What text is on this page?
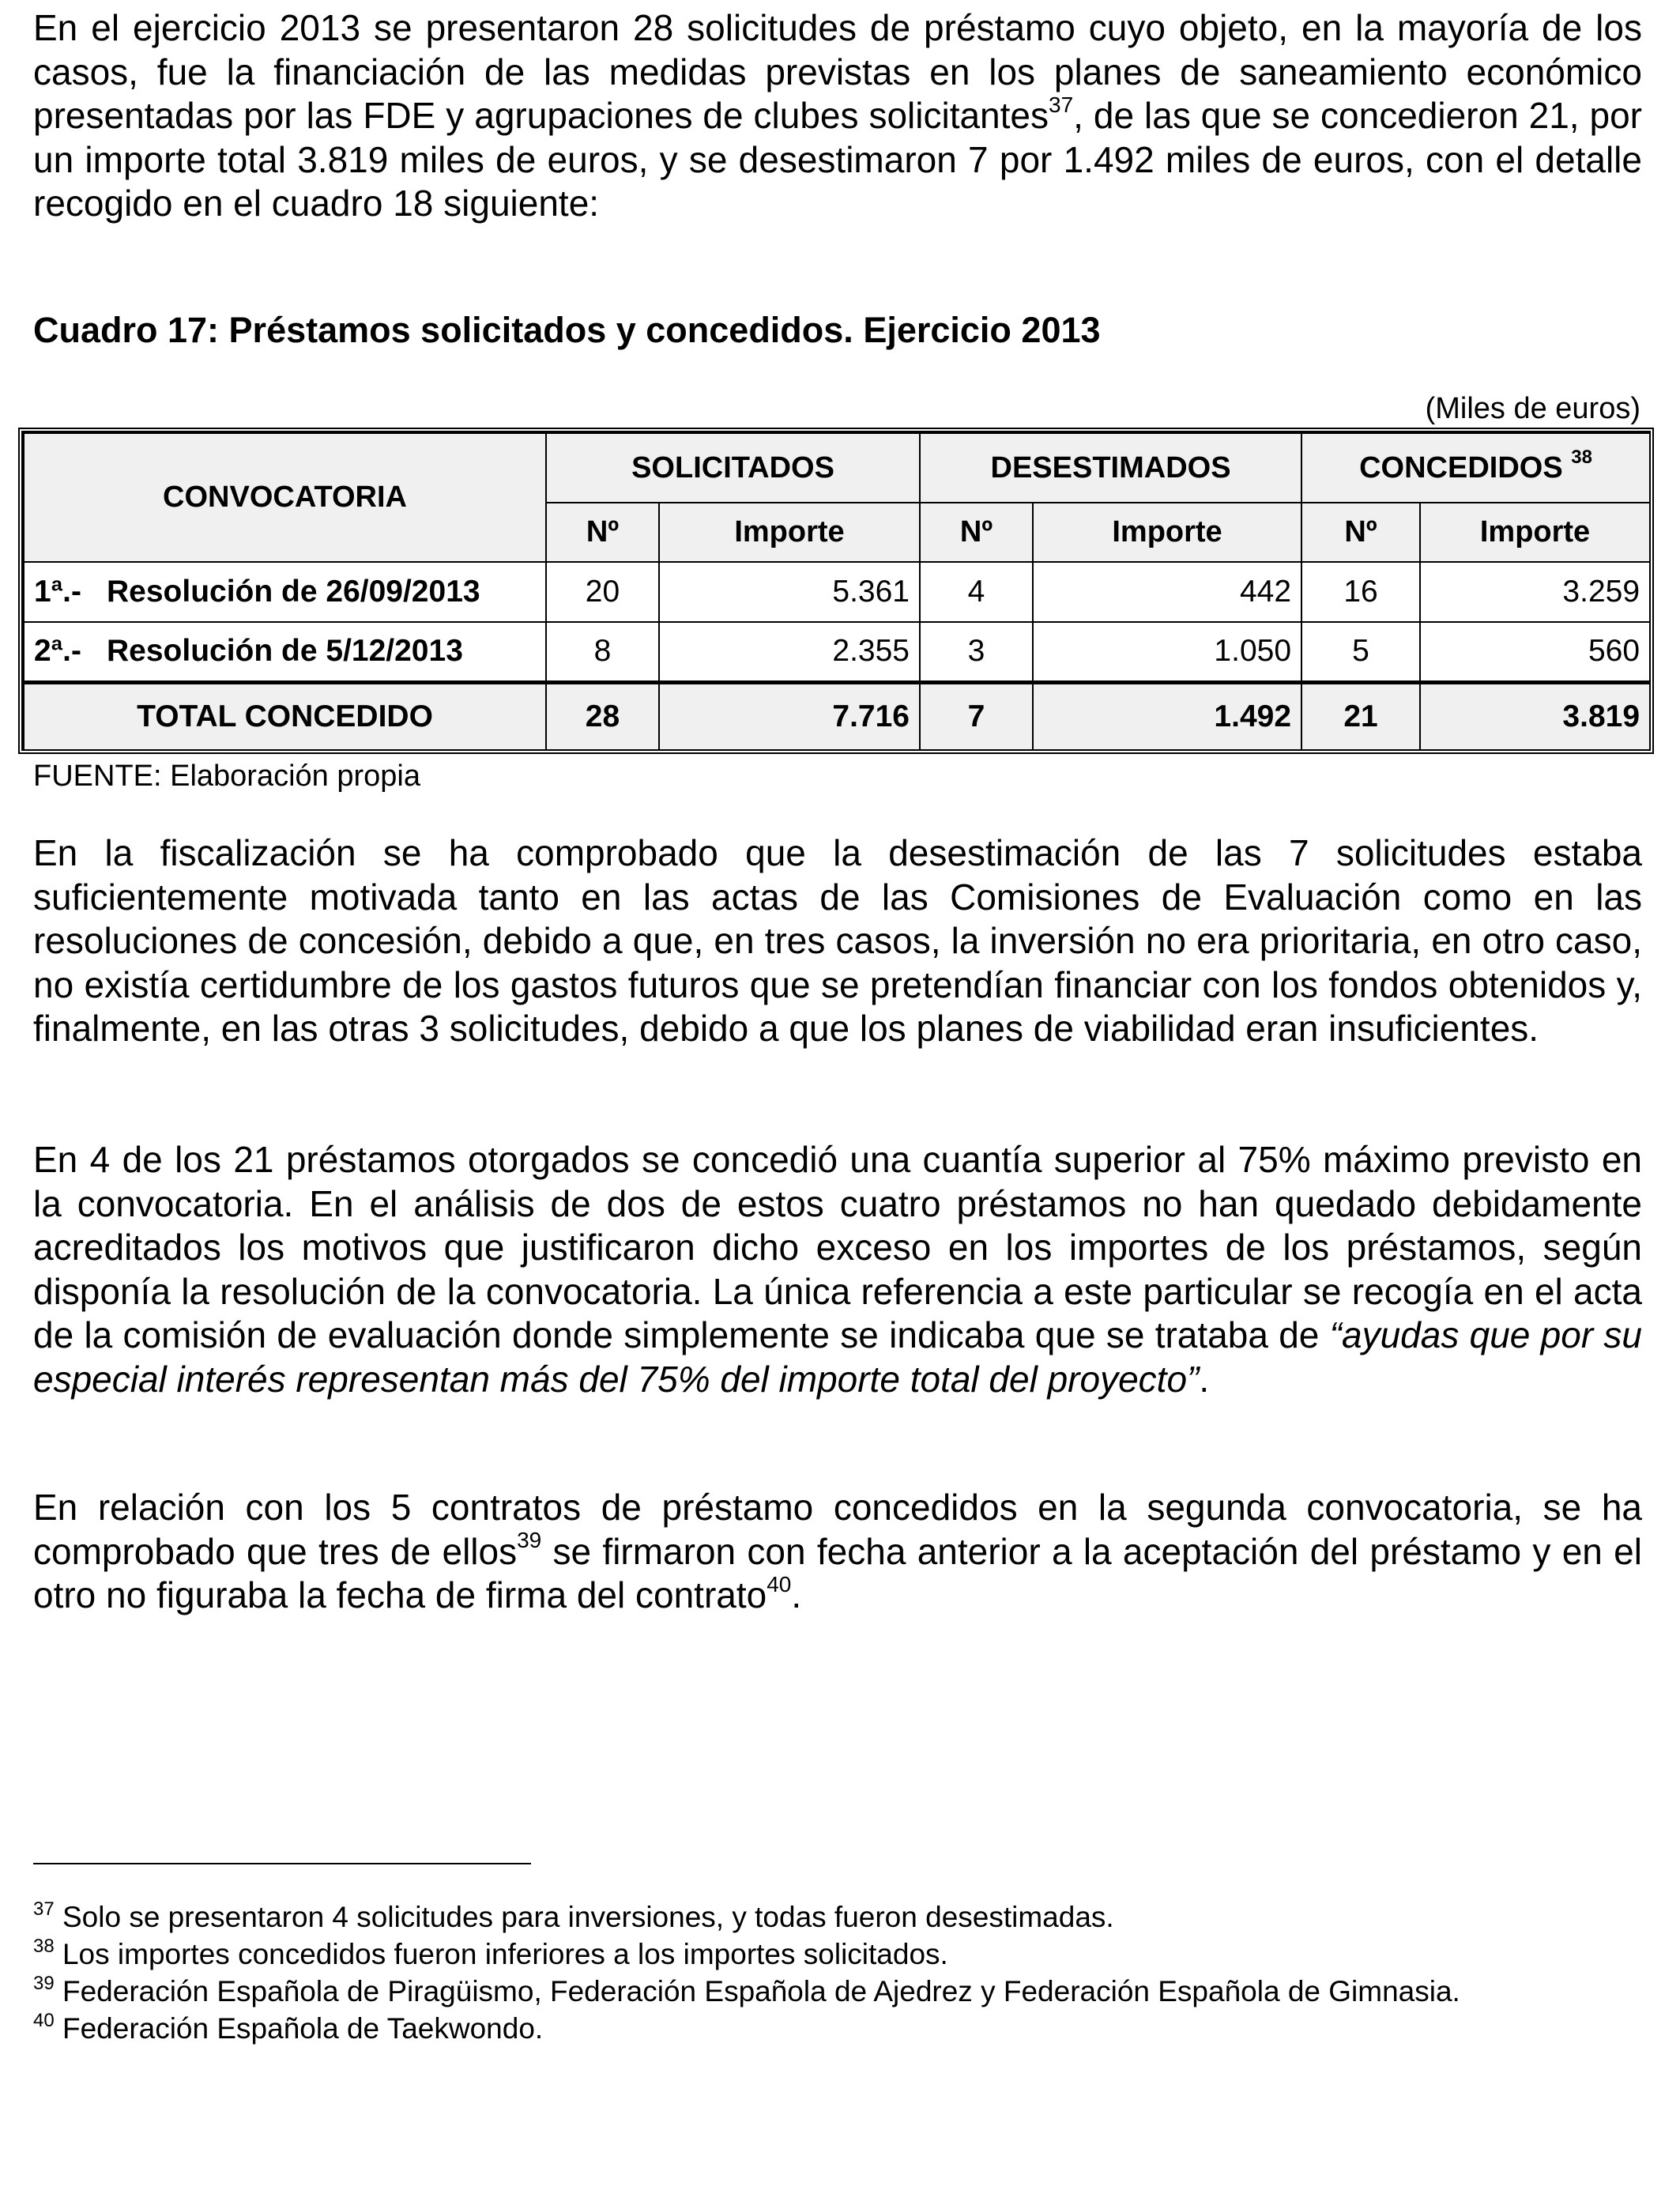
En el ejercicio 2013 se presentaron 28 solicitudes de préstamo cuyo objeto, en la mayoría de los casos, fue la financiación de las medidas previstas en los planes de saneamiento económico presentadas por las FDE y agrupaciones de clubes solicitantes$^{37}$, de las que se concedieron 21, por un importe total 3.819 miles de euros, y se desestimaron 7 por 1.492 miles de euros, con el detalle recogido en el cuadro 18 siguiente:

Cuadro 17: Préstamos solicitados y concedidos. Ejercicio 2013
(Miles de euros)
CONVOCATORIA	SOLICITADOS		DESESTIMADOS		CONCEDIDOS $^{38}$
	Nº	Importe	Nº	Importe	Nº	Importe
1ª.- Resolución de 26/09/2013	20	5.361	4	442	16	3.259
2ª.- Resolución de 5/12/2013	8	2.355	3	1.050	5	560
TOTAL CONCEDIDO	28	7.716	7	1.492	21	3.819
FUENTE: Elaboración propia

En la fiscalización se ha comprobado que la desestimación de las 7 solicitudes estaba suficientemente motivada tanto en las actas de las Comisiones de Evaluación como en las resoluciones de concesión, debido a que, en tres casos, la inversión no era prioritaria, en otro caso, no existía certidumbre de los gastos futuros que se pretendían financiar con los fondos obtenidos y, finalmente, en las otras 3 solicitudes, debido a que los planes de viabilidad eran insuficientes.

En 4 de los 21 préstamos otorgados se concedió una cuantía superior al 75% máximo previsto en la convocatoria. En el análisis de dos de estos cuatro préstamos no han quedado debidamente acreditados los motivos que justificaron dicho exceso en los importes de los préstamos, según disponía la resolución de la convocatoria. La única referencia a este particular se recogía en el acta de la comisión de evaluación donde simplemente se indicaba que se trataba de “ayudas que por su especial interés representan más del 75% del importe total del proyecto”.

En relación con los 5 contratos de préstamo concedidos en la segunda convocatoria, se ha comprobado que tres de ellos$^{39}$ se firmaron con fecha anterior a la aceptación del préstamo y en el otro no figuraba la fecha de firma del contrato$^{40}$.

$^{37}$ Solo se presentaron 4 solicitudes para inversiones, y todas fueron desestimadas.
$^{38}$ Los importes concedidos fueron inferiores a los importes solicitados.
$^{39}$ Federación Española de Piragüismo, Federación Española de Ajedrez y Federación Española de Gimnasia.
$^{40}$ Federación Española de Taekwondo.
